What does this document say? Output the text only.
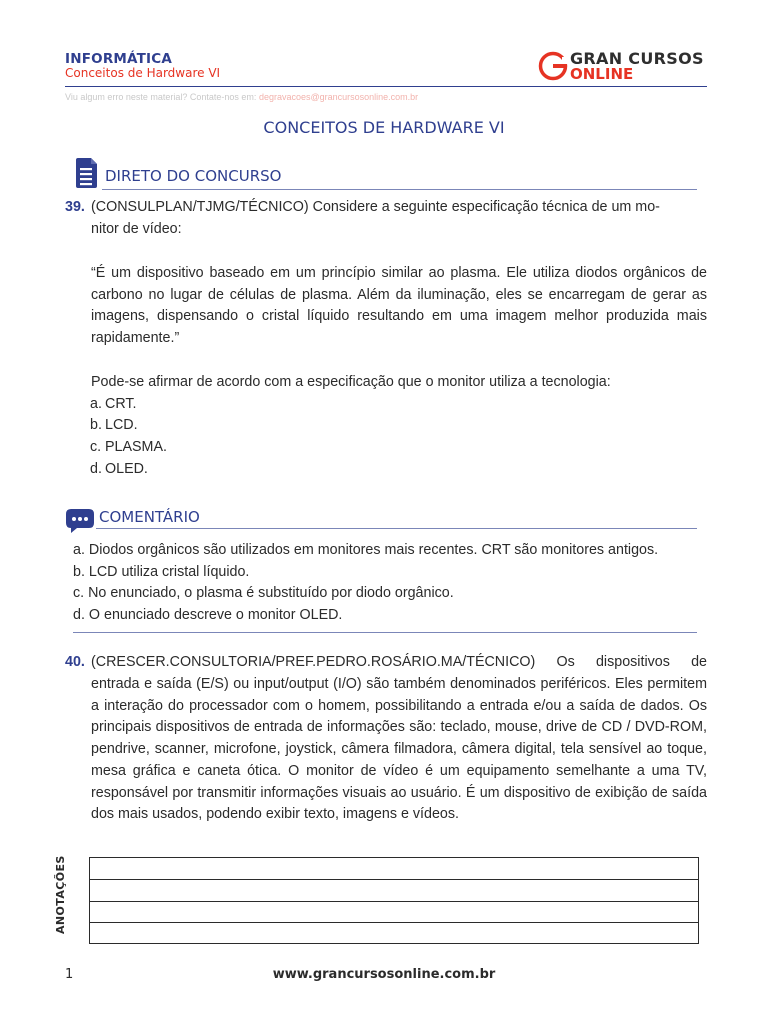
INFORMÁTICA
Conceitos de Hardware VI	G
GRAN CURSOS
ONLINE
Viu algum erro neste material? Contate-nos em: degravacoes@grancursosonline.com.br
CONCEITOS DE HARDWARE VI
DIRETO DO CONCURSO
39. (CONSULPLAN/TJMG/TÉCNICO) Considere a seguinte especificação técnica de um mo-
nitor de vídeo:
“É um dispositivo baseado em um princípio similar ao plasma. Ele utiliza diodos orgânicos de carbono no lugar de células de plasma. Além da iluminação, eles se encarregam de gerar as imagens, dispensando o cristal líquido resultando em uma imagem melhor produzida mais rapidamente.”
Pode-se afirmar de acordo com a especificação que o monitor utiliza a tecnologia:
a. CRT.
b. LCD.
c. PLASMA.
d. OLED.
COMENTÁRIO
a. Diodos orgânicos são utilizados em monitores mais recentes. CRT são monitores antigos.
b. LCD utiliza cristal líquido.
c. No enunciado, o plasma é substituído por diodo orgânico.
d. O enunciado descreve o monitor OLED.
40. (CRESCER.CONSULTORIA/PREF.PEDRO.ROSÁRIO.MA/TÉCNICO) Os dispositivos de
entrada e saída (E/S) ou input/output (I/O) são também denominados periféricos. Eles permitem a interação do processador com o homem, possibilitando a entrada e/ou a saída de dados. Os principais dispositivos de entrada de informações são: teclado, mouse, drive de CD / DVD-ROM, pendrive, scanner, microfone, joystick, câmera filmadora, câmera digital, tela sensível ao toque, mesa gráfica e caneta ótica. O monitor de vídeo é um equipamento semelhante a uma TV, responsável por transmitir informações visuais ao usuário. É um dispositivo de exibição de saída dos mais usados, podendo exibir texto, imagens e vídeos.
ANOTAÇÕES
1	www.grancursosonline.com.br
